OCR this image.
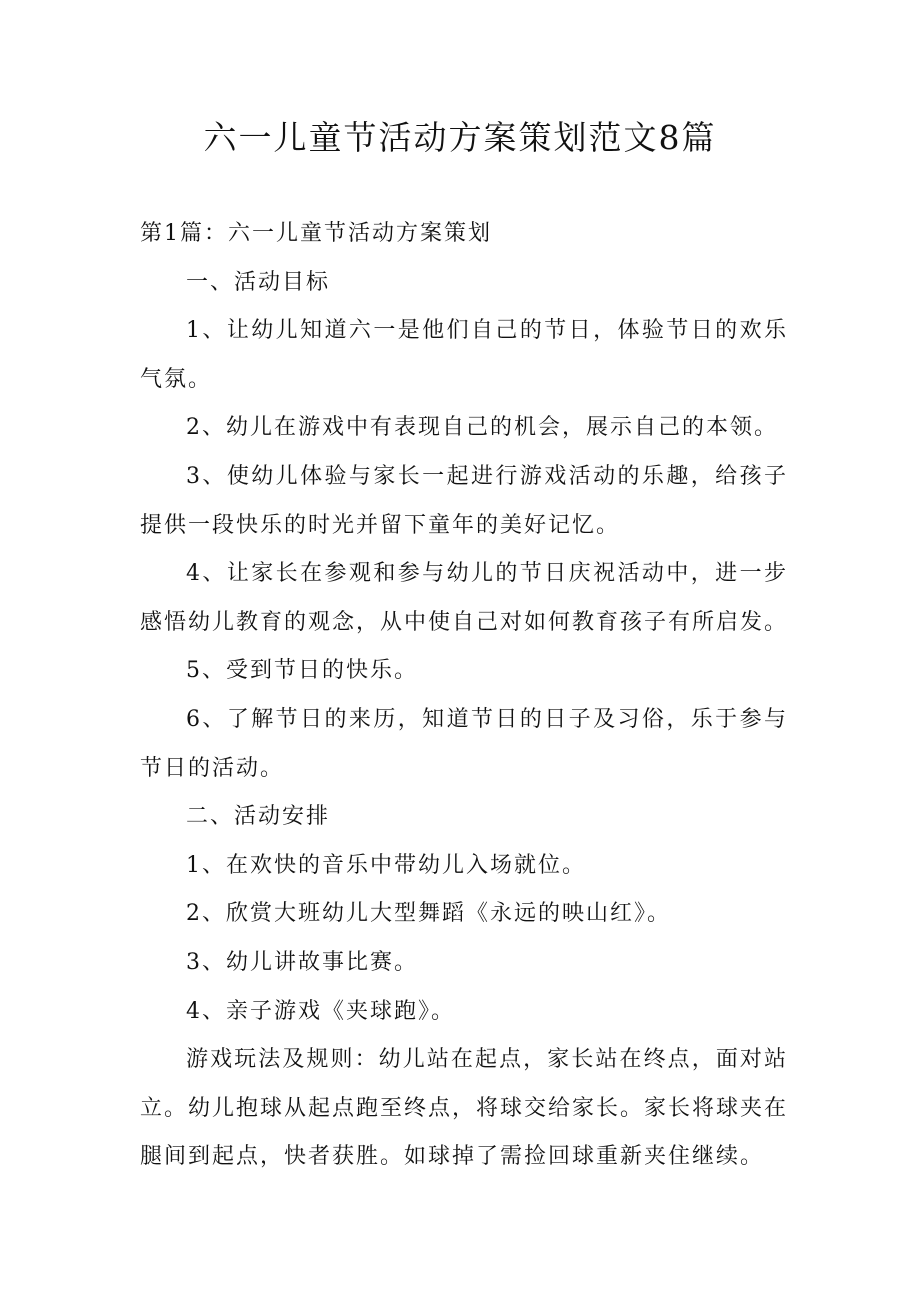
六一儿童节活动方案策划范文8篇

第1篇：六一儿童节活动方案策划

一、活动目标

1、让幼儿知道六一是他们自己的节日，体验节日的欢乐气氛。

2、幼儿在游戏中有表现自己的机会，展示自己的本领。

3、使幼儿体验与家长一起进行游戏活动的乐趣，给孩子提供一段快乐的时光并留下童年的美好记忆。

4、让家长在参观和参与幼儿的节日庆祝活动中，进一步感悟幼儿教育的观念，从中使自己对如何教育孩子有所启发。

5、受到节日的快乐。

6、了解节日的来历，知道节日的日子及习俗，乐于参与节日的活动。

二、活动安排

1、在欢快的音乐中带幼儿入场就位。

2、欣赏大班幼儿大型舞蹈《永远的映山红》。

3、幼儿讲故事比赛。

4、亲子游戏《夹球跑》。

游戏玩法及规则：幼儿站在起点，家长站在终点，面对站立。幼儿抱球从起点跑至终点，将球交给家长。家长将球夹在腿间到起点，快者获胜。如球掉了需捡回球重新夹住继续。
